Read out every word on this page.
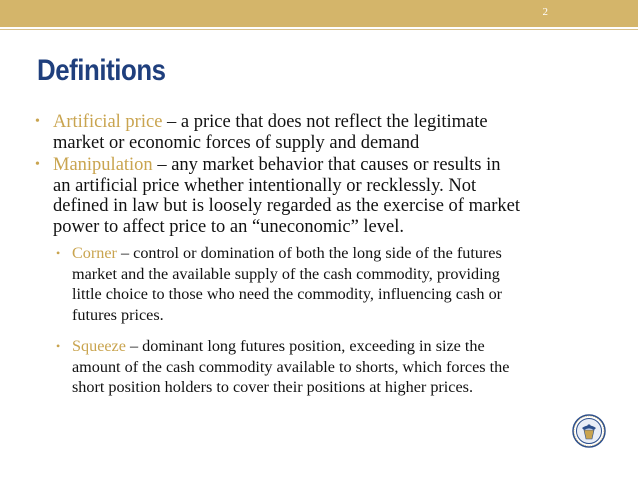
2
Definitions
• Artificial price – a price that does not reflect the legitimate
market or economic forces of supply and demand
• Manipulation – any market behavior that causes or results in
an artificial price whether intentionally or recklessly. Not
defined in law but is loosely regarded as the exercise of market
power to affect price to an “uneconomic” level.
• Corner – control or domination of both the long side of the futures
market and the available supply of the cash commodity, providing
little choice to those who need the commodity, influencing cash or
futures prices.
• Squeeze – dominant long futures position, exceeding in size the
amount of the cash commodity available to shorts, which forces the
short position holders to cover their positions at higher prices.
